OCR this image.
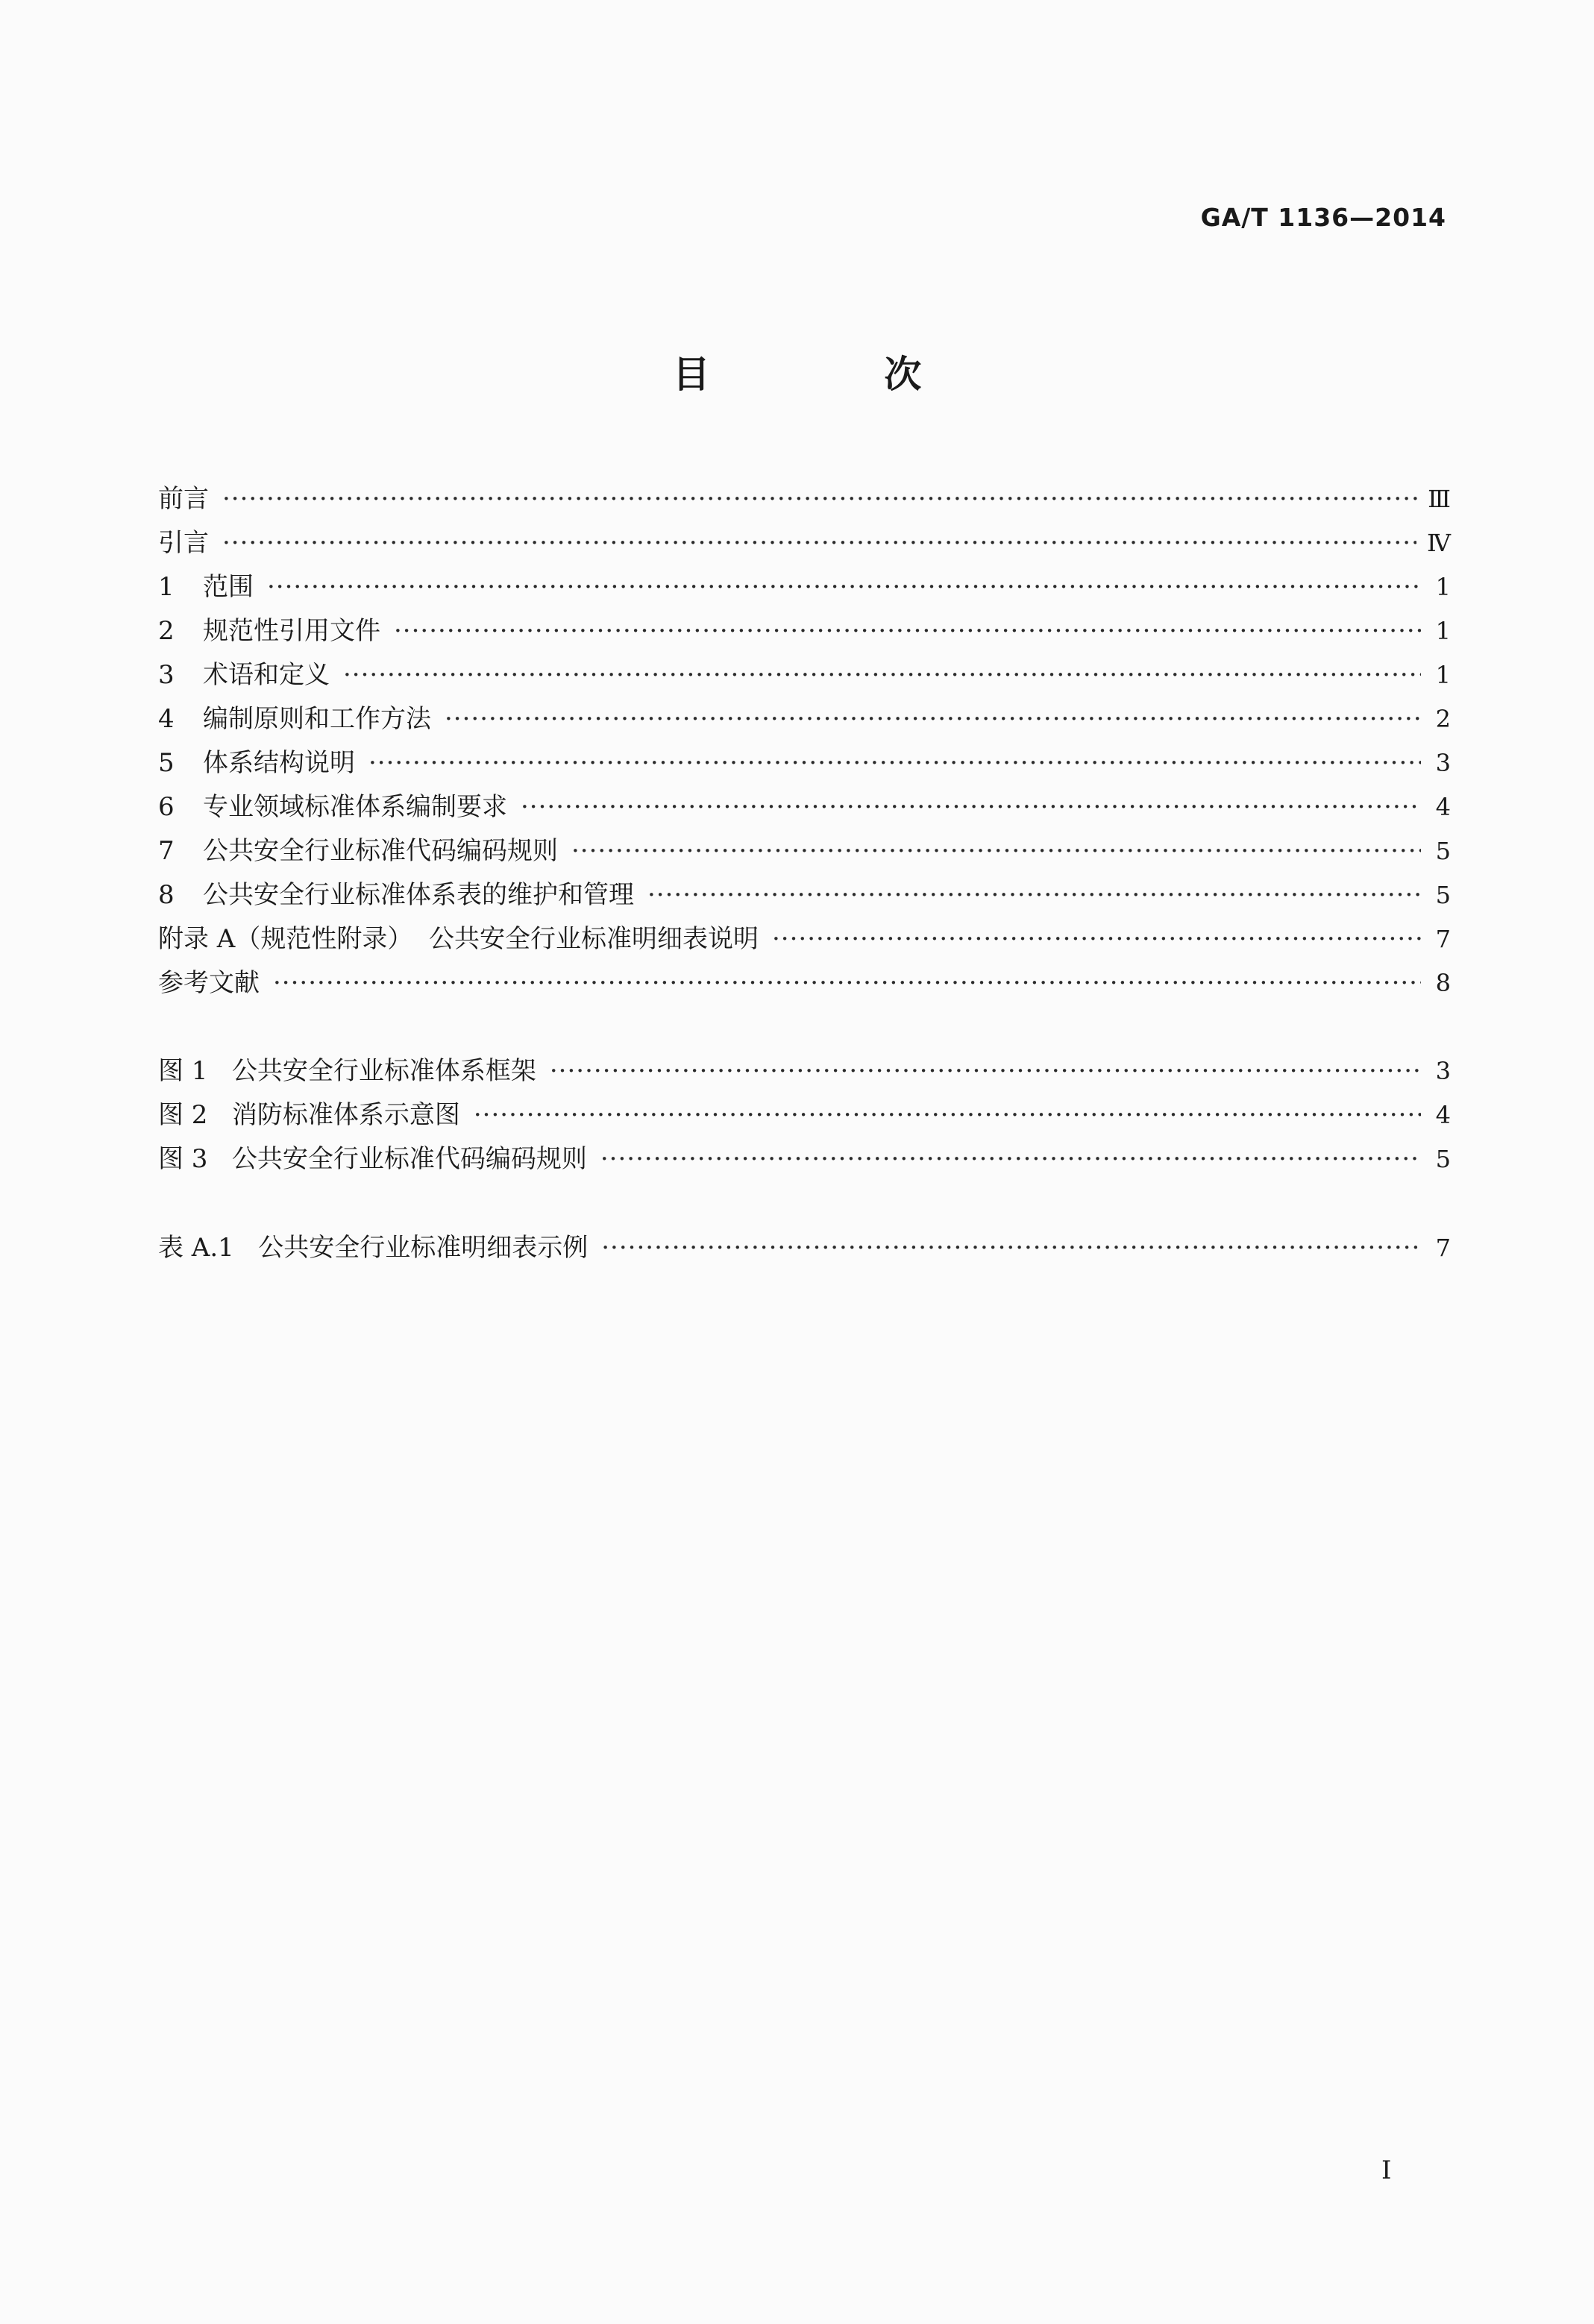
GA/T 1136—2014
目 次
前言 ·····	Ⅲ
引言 ·····	Ⅳ
1	范围 ·····	1
2	规范性引用文件 ·····	1
3	术语和定义 ·····	1
4	编制原则和工作方法 ·····	2
5	体系结构说明 ·····	3
6	专业领域标准体系编制要求 ·····	4
7	公共安全行业标准代码编码规则 ·····	5
8	公共安全行业标准体系表的维护和管理 ·····	5
附录 A（规范性附录）  公共安全行业标准明细表说明 ·····	7
参考文献 ·····	8
图 1   公共安全行业标准体系框架 ·····	3
图 2   消防标准体系示意图 ·····	4
图 3   公共安全行业标准代码编码规则 ·····	5
表 A.1   公共安全行业标准明细表示例 ·····	7
I
